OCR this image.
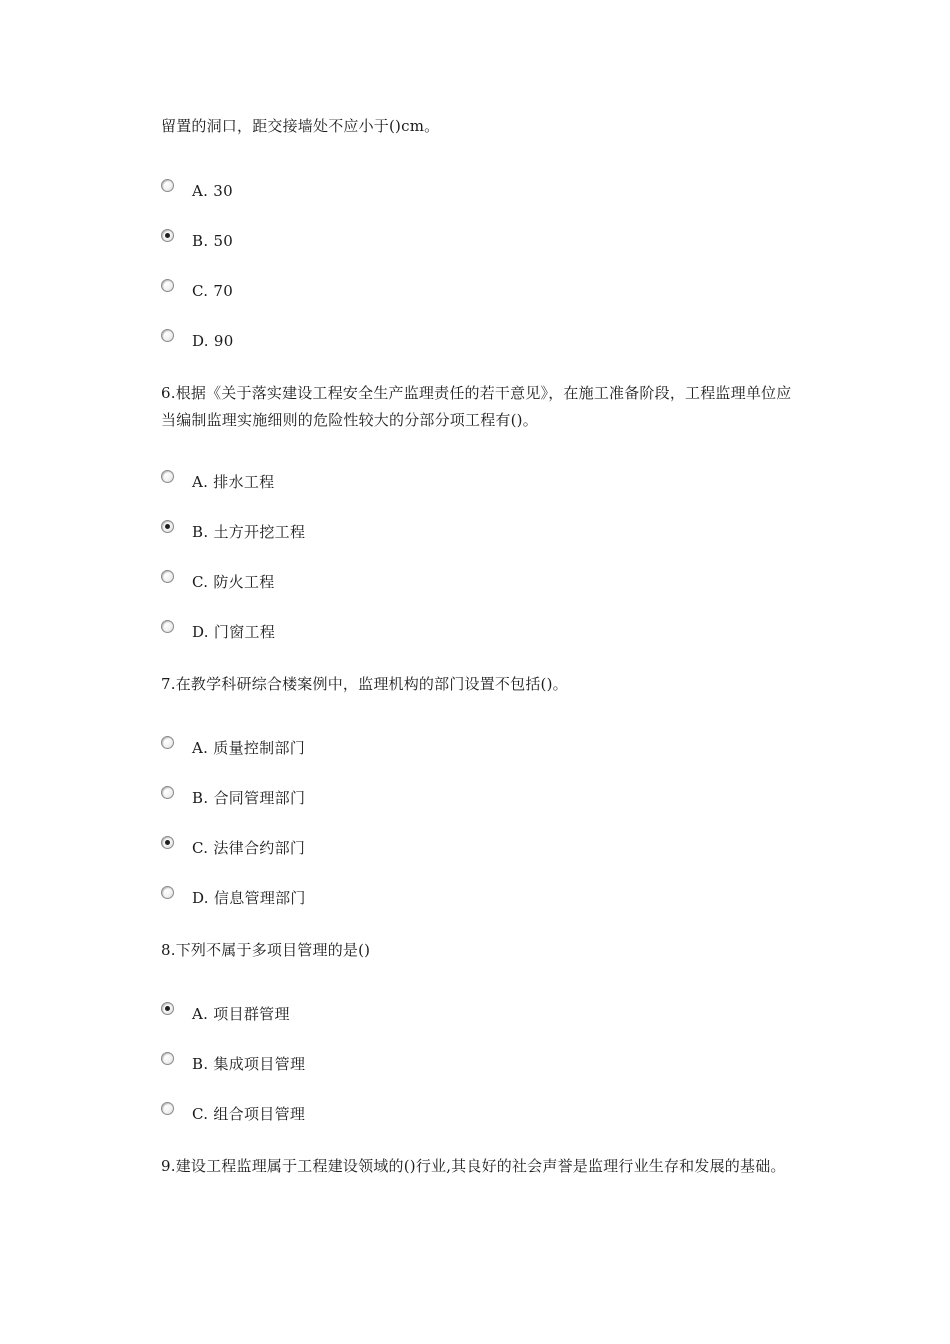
留置的洞口，距交接墙处不应小于()cm。
A. 30
B. 50
C. 70
D. 90
6.根据《关于落实建设工程安全生产监理责任的若干意见》，在施工准备阶段，工程监理单位应当编制监理实施细则的危险性较大的分部分项工程有()。
A. 排水工程
B. 土方开挖工程
C. 防火工程
D. 门窗工程
7.在教学科研综合楼案例中，监理机构的部门设置不包括()。
A. 质量控制部门
B. 合同管理部门
C. 法律合约部门
D. 信息管理部门
8.下列不属于多项目管理的是()
A. 项目群管理
B. 集成项目管理
C. 组合项目管理
9.建设工程监理属于工程建设领域的()行业,其良好的社会声誉是监理行业生存和发展的基础。
